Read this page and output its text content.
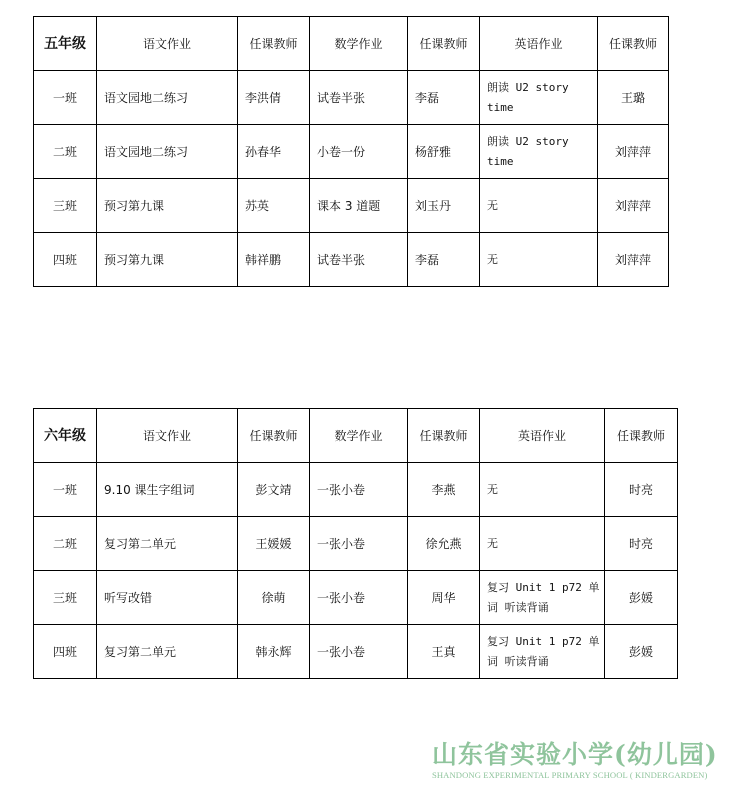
五年级	语文作业	任课教师	数学作业	任课教师	英语作业	任课教师
一班	语文园地二练习	李洪倩	试卷半张	李磊	朗读 U2 story time	王璐
二班	语文园地二练习	孙春华	小卷一份	杨舒雅	朗读 U2 story time	刘萍萍
三班	预习第九课	苏英	课本 3 道题	刘玉丹	无	刘萍萍
四班	预习第九课	韩祥鹏	试卷半张	李磊	无	刘萍萍
六年级	语文作业	任课教师	数学作业	任课教师	英语作业	任课教师
一班	9.10 课生字组词	彭文靖	一张小卷	李燕	无	时亮
二班	复习第二单元	王媛媛	一张小卷	徐允燕	无	时亮
三班	听写改错	徐萌	一张小卷	周华	复习 Unit 1 p72 单词 听读背诵	彭媛
四班	复习第二单元	韩永辉	一张小卷	王真	复习 Unit 1 p72 单词 听读背诵	彭媛
山东省实验小学(幼儿园)
SHANDONG EXPERIMENTAL PRIMARY SCHOOL ( KINDERGARDEN)
